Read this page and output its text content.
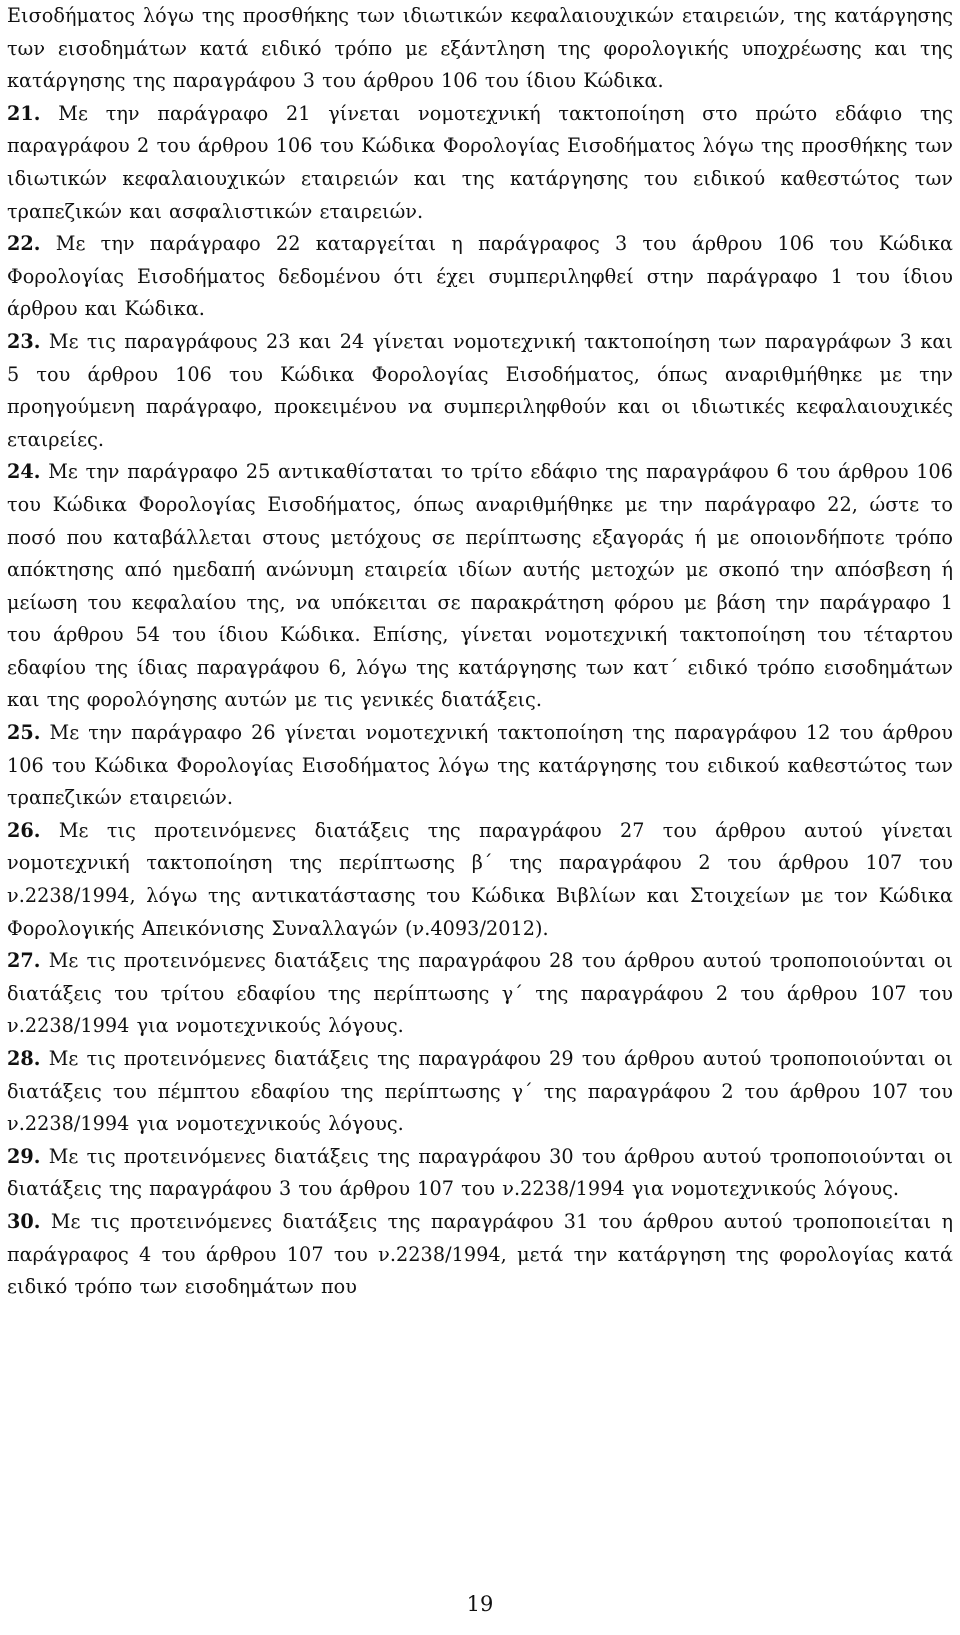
Εισοδήματος λόγω της προσθήκης των ιδιωτικών κεφαλαιουχικών εταιρειών, της κατάργησης των εισοδημάτων κατά ειδικό τρόπο με εξάντληση της φορολογικής υποχρέωσης και της κατάργησης της παραγράφου 3 του άρθρου 106 του ίδιου Κώδικα.

21. Με την παράγραφο 21 γίνεται νομοτεχνική τακτοποίηση στο πρώτο εδάφιο της παραγράφου 2 του άρθρου 106 του Κώδικα Φορολογίας Εισοδήματος λόγω της προσθήκης των ιδιωτικών κεφαλαιουχικών εταιρειών και της κατάργησης του ειδικού καθεστώτος των τραπεζικών και ασφαλιστικών εταιρειών.

22. Με την παράγραφο 22 καταργείται η παράγραφος 3 του άρθρου 106 του Κώδικα Φορολογίας Εισοδήματος δεδομένου ότι έχει συμπεριληφθεί στην παράγραφο 1 του ίδιου άρθρου και Κώδικα.

23. Με τις παραγράφους 23 και 24 γίνεται νομοτεχνική τακτοποίηση των παραγράφων 3 και 5 του άρθρου 106 του Κώδικα Φορολογίας Εισοδήματος, όπως αναριθμήθηκε με την προηγούμενη παράγραφο, προκειμένου να συμπεριληφθούν και οι ιδιωτικές κεφαλαιουχικές εταιρείες.

24. Με την παράγραφο 25 αντικαθίσταται το τρίτο εδάφιο της παραγράφου 6 του άρθρου 106 του Κώδικα Φορολογίας Εισοδήματος, όπως αναριθμήθηκε με την παράγραφο 22, ώστε το ποσό που καταβάλλεται στους μετόχους σε περίπτωσης εξαγοράς ή με οποιονδήποτε τρόπο απόκτησης από ημεδαπή ανώνυμη εταιρεία ιδίων αυτής μετοχών με σκοπό την απόσβεση ή μείωση του κεφαλαίου της, να υπόκειται σε παρακράτηση φόρου με βάση την παράγραφο 1 του άρθρου 54 του ίδιου Κώδικα. Επίσης, γίνεται νομοτεχνική τακτοποίηση του τέταρτου εδαφίου της ίδιας παραγράφου 6, λόγω της κατάργησης των κατ΄ ειδικό τρόπο εισοδημάτων και της φορολόγησης αυτών με τις γενικές διατάξεις.

25. Με την παράγραφο 26 γίνεται νομοτεχνική τακτοποίηση της παραγράφου 12 του άρθρου 106 του Κώδικα Φορολογίας Εισοδήματος λόγω της κατάργησης του ειδικού καθεστώτος των τραπεζικών εταιρειών.

26. Με τις προτεινόμενες διατάξεις της παραγράφου 27 του άρθρου αυτού γίνεται νομοτεχνική τακτοποίηση της περίπτωσης β΄ της παραγράφου 2 του άρθρου 107 του ν.2238/1994, λόγω της αντικατάστασης του Κώδικα Βιβλίων και Στοιχείων με τον Κώδικα Φορολογικής Απεικόνισης Συναλλαγών (ν.4093/2012).

27. Με τις προτεινόμενες διατάξεις της παραγράφου 28 του άρθρου αυτού τροποποιούνται οι διατάξεις του τρίτου εδαφίου της περίπτωσης γ΄ της παραγράφου 2 του άρθρου 107 του ν.2238/1994 για νομοτεχνικούς λόγους.

28. Με τις προτεινόμενες διατάξεις της παραγράφου 29 του άρθρου αυτού τροποποιούνται οι διατάξεις του πέμπτου εδαφίου της περίπτωσης γ΄ της παραγράφου 2 του άρθρου 107 του ν.2238/1994 για νομοτεχνικούς λόγους.

29. Με τις προτεινόμενες διατάξεις της παραγράφου 30 του άρθρου αυτού τροποποιούνται οι διατάξεις της παραγράφου 3 του άρθρου 107 του ν.2238/1994 για νομοτεχνικούς λόγους.

30. Με τις προτεινόμενες διατάξεις της παραγράφου 31 του άρθρου αυτού τροποποιείται η παράγραφος 4 του άρθρου 107 του ν.2238/1994, μετά την κατάργηση της φορολογίας κατά ειδικό τρόπο των εισοδημάτων που

19
